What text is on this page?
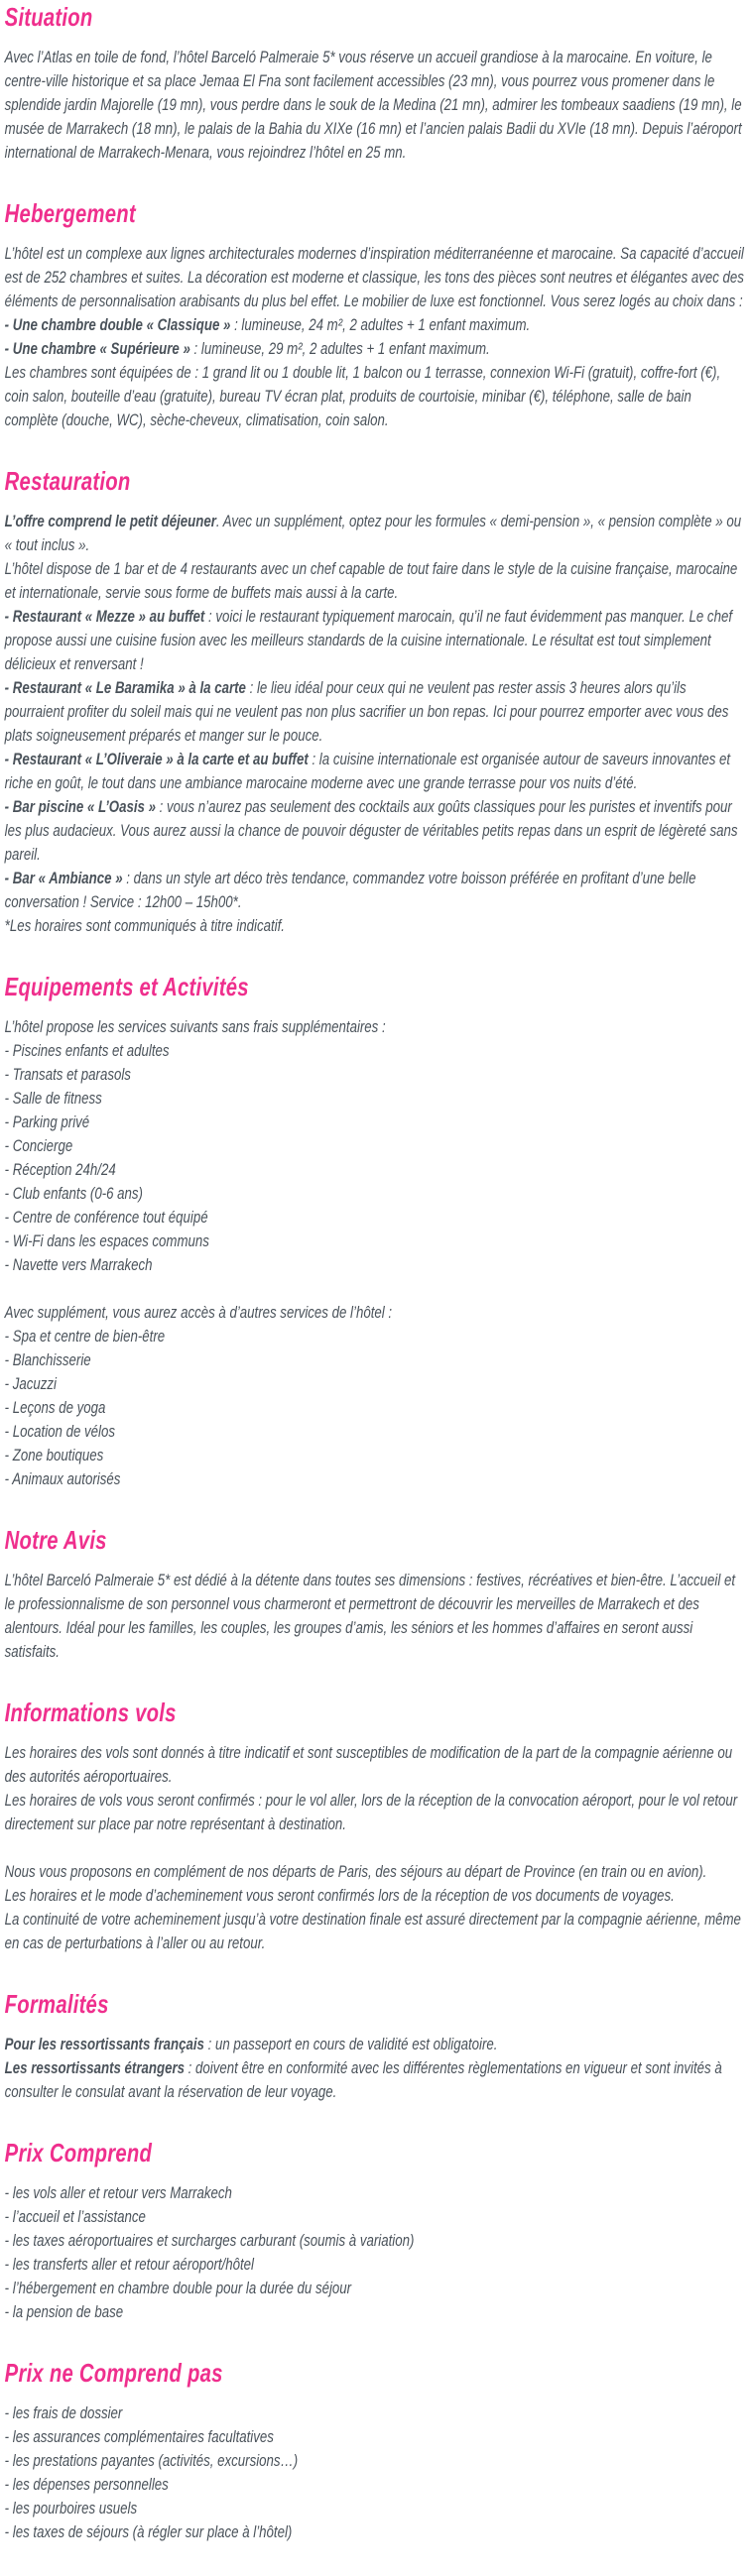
Situation

Avec l’Atlas en toile de fond, l’hôtel Barceló Palmeraie 5* vous réserve un accueil grandiose à la marocaine. En voiture, le centre-ville historique et sa place Jemaa El Fna sont facilement accessibles (23 mn), vous pourrez vous promener dans le splendide jardin Majorelle (19 mn), vous perdre dans le souk de la Medina (21 mn), admirer les tombeaux saadiens (19 mn), le musée de Marrakech (18 mn), le palais de la Bahia du XIXe (16 mn) et l’ancien palais Badii du XVIe (18 mn). Depuis l’aéroport international de Marrakech-Menara, vous rejoindrez l’hôtel en 25 mn.

Hebergement

L’hôtel est un complexe aux lignes architecturales modernes d’inspiration méditerranéenne et marocaine. Sa capacité d’accueil est de 252 chambres et suites. La décoration est moderne et classique, les tons des pièces sont neutres et élégantes avec des éléments de personnalisation arabisants du plus bel effet. Le mobilier de luxe est fonctionnel. Vous serez logés au choix dans :

- Une chambre double « Classique » : lumineuse, 24 m², 2 adultes + 1 enfant maximum.

- Une chambre « Supérieure » : lumineuse, 29 m², 2 adultes + 1 enfant maximum.

Les chambres sont équipées de : 1 grand lit ou 1 double lit, 1 balcon ou 1 terrasse, connexion Wi-Fi (gratuit), coffre-fort (€), coin salon, bouteille d’eau (gratuite), bureau TV écran plat, produits de courtoisie, minibar (€), téléphone, salle de bain complète (douche, WC), sèche-cheveux, climatisation, coin salon.

Restauration

L’offre comprend le petit déjeuner. Avec un supplément, optez pour les formules « demi-pension », « pension complète » ou « tout inclus ».

L’hôtel dispose de 1 bar et de 4 restaurants avec un chef capable de tout faire dans le style de la cuisine française, marocaine et internationale, servie sous forme de buffets mais aussi à la carte.

- Restaurant « Mezze » au buffet : voici le restaurant typiquement marocain, qu’il ne faut évidemment pas manquer. Le chef propose aussi une cuisine fusion avec les meilleurs standards de la cuisine internationale. Le résultat est tout simplement délicieux et renversant !

- Restaurant « Le Baramika » à la carte : le lieu idéal pour ceux qui ne veulent pas rester assis 3 heures alors qu’ils pourraient profiter du soleil mais qui ne veulent pas non plus sacrifier un bon repas. Ici pour pourrez emporter avec vous des plats soigneusement préparés et manger sur le pouce.

- Restaurant « L’Oliveraie » à la carte et au buffet : la cuisine internationale est organisée autour de saveurs innovantes et riche en goût, le tout dans une ambiance marocaine moderne avec une grande terrasse pour vos nuits d’été.

- Bar piscine « L’Oasis » : vous n’aurez pas seulement des cocktails aux goûts classiques pour les puristes et inventifs pour les plus audacieux. Vous aurez aussi la chance de pouvoir déguster de véritables petits repas dans un esprit de légèreté sans pareil.

- Bar « Ambiance » : dans un style art déco très tendance, commandez votre boisson préférée en profitant d’une belle conversation ! Service : 12h00 – 15h00*.

*Les horaires sont communiqués à titre indicatif.

Equipements et Activités

L’hôtel propose les services suivants sans frais supplémentaires :

- Piscines enfants et adultes

- Transats et parasols

- Salle de fitness

- Parking privé

- Concierge

- Réception 24h/24

- Club enfants (0-6 ans)

- Centre de conférence tout équipé

- Wi-Fi dans les espaces communs

- Navette vers Marrakech

Avec supplément, vous aurez accès à d’autres services de l’hôtel :

- Spa et centre de bien-être

- Blanchisserie

- Jacuzzi

- Leçons de yoga

- Location de vélos

- Zone boutiques

- Animaux autorisés

Notre Avis

L’hôtel Barceló Palmeraie 5* est dédié à la détente dans toutes ses dimensions : festives, récréatives et bien-être. L’accueil et le professionnalisme de son personnel vous charmeront et permettront de découvrir les merveilles de Marrakech et des alentours. Idéal pour les familles, les couples, les groupes d’amis, les séniors et les hommes d’affaires en seront aussi satisfaits.

Informations vols

Les horaires des vols sont donnés à titre indicatif et sont susceptibles de modification de la part de la compagnie aérienne ou des autorités aéroportuaires.

Les horaires de vols vous seront confirmés : pour le vol aller, lors de la réception de la convocation aéroport, pour le vol retour directement sur place par notre représentant à destination.

Nous vous proposons en complément de nos départs de Paris, des séjours au départ de Province (en train ou en avion).

Les horaires et le mode d’acheminement vous seront confirmés lors de la réception de vos documents de voyages.

La continuité de votre acheminement jusqu’à votre destination finale est assuré directement par la compagnie aérienne, même en cas de perturbations à l’aller ou au retour.

Formalités

Pour les ressortissants français : un passeport en cours de validité est obligatoire.

Les ressortissants étrangers : doivent être en conformité avec les différentes règlementations en vigueur et sont invités à consulter le consulat avant la réservation de leur voyage.

Prix Comprend

- les vols aller et retour vers Marrakech

- l’accueil et l’assistance

- les taxes aéroportuaires et surcharges carburant (soumis à variation)

- les transferts aller et retour aéroport/hôtel

- l’hébergement en chambre double pour la durée du séjour

- la pension de base

Prix ne Comprend pas

- les frais de dossier

- les assurances complémentaires facultatives

- les prestations payantes (activités, excursions…)

- les dépenses personnelles

- les pourboires usuels

- les taxes de séjours (à régler sur place à l’hôtel)
